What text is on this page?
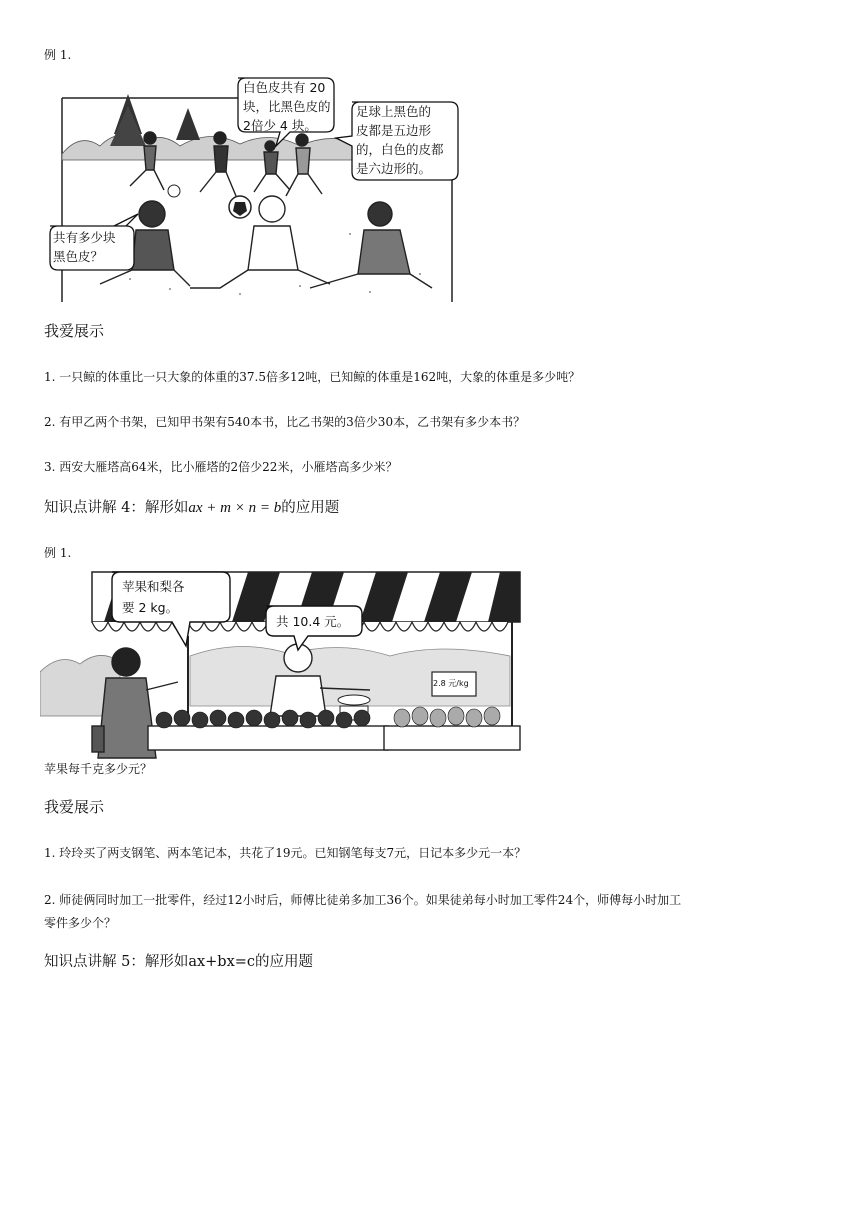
例 1.
白色皮共有 20
块，比黑色皮的
2倍少 4 块。
足球上黑色的
皮都是五边形
的，白色的皮都
是六边形的。
共有多少块
黑色皮？
我爱展示
1. 一只鲸的体重比一只大象的体重的37.5倍多12吨，已知鲸的体重是162吨，大象的体重是多少吨？
2. 有甲乙两个书架，已知甲书架有540本书，比乙书架的3倍少30本，乙书架有多少本书？
3. 西安大雁塔高64米，比小雁塔的2倍少22米，小雁塔高多少米？
知识点讲解 4：解形如ax + m × n = b的应用题
例 1.
苹果和梨各
要 2 kg。
共 10.4 元。
2.8 元/kg
苹果每千克多少元？
我爱展示
1. 玲玲买了两支钢笔、两本笔记本，共花了19元。已知钢笔每支7元，日记本多少元一本？
2. 师徒俩同时加工一批零件，经过12小时后，师傅比徒弟多加工36个。如果徒弟每小时加工零件24个，师傅每小时加工
零件多少个？
知识点讲解 5：解形如ax+bx=c的应用题
